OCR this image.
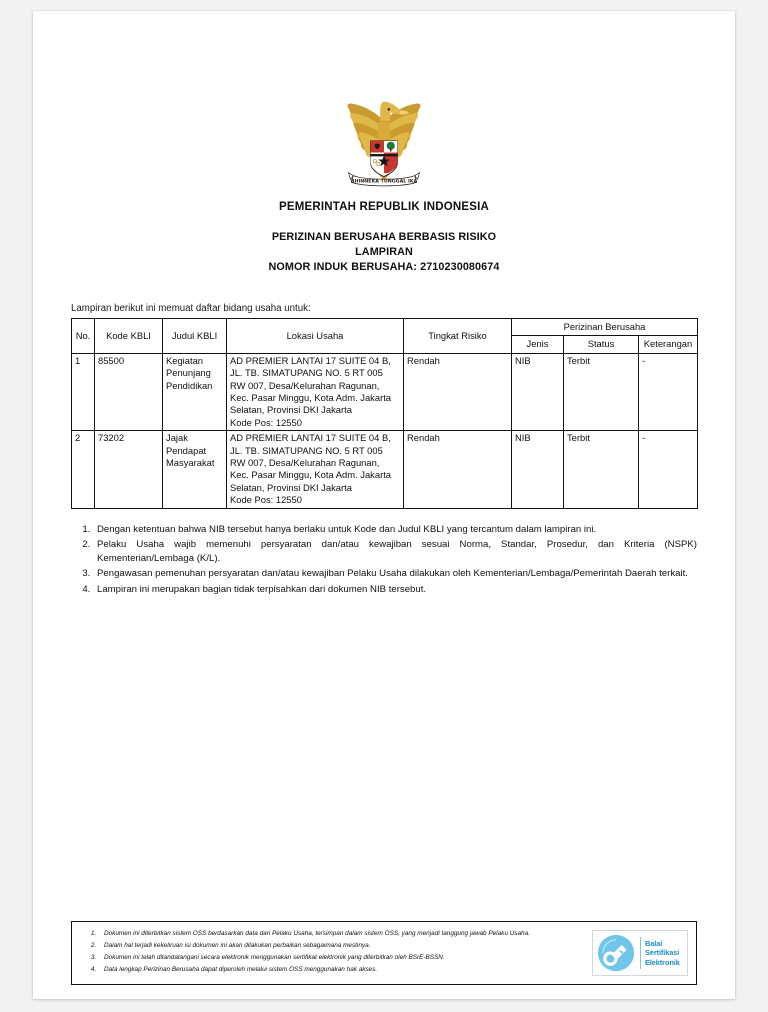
BHINNEKA TUNGGAL IKA
PEMERINTAH REPUBLIK INDONESIA
PERIZINAN BERUSAHA BERBASIS RISIKO
LAMPIRAN
NOMOR INDUK BERUSAHA: 2710230080674
Lampiran berikut ini memuat daftar bidang usaha untuk:
No.	Kode KBLI	Judul KBLI	Lokasi Usaha	Tingkat Risiko	Perizinan Berusaha		
					Jenis	Status	Keterangan
1	85500	Kegiatan Penunjang Pendidikan	AD PREMIER LANTAI 17 SUITE 04 B, JL. TB. SIMATUPANG NO. 5 RT 005 RW 007, Desa/Kelurahan Ragunan, Kec. Pasar Minggu, Kota Adm. Jakarta Selatan, Provinsi DKI Jakarta
Kode Pos: 12550	Rendah	NIB	Terbit	-
2	73202	Jajak Pendapat Masyarakat	AD PREMIER LANTAI 17 SUITE 04 B, JL. TB. SIMATUPANG NO. 5 RT 005 RW 007, Desa/Kelurahan Ragunan, Kec. Pasar Minggu, Kota Adm. Jakarta Selatan, Provinsi DKI Jakarta
Kode Pos: 12550	Rendah	NIB	Terbit	-
1. Dengan ketentuan bahwa NIB tersebut hanya berlaku untuk Kode dan Judul KBLI yang tercantum dalam lampiran ini.
2. Pelaku Usaha wajib memenuhi persyaratan dan/atau kewajiban sesuai Norma, Standar, Prosedur, dan Kriteria (NSPK) Kementerian/Lembaga (K/L).
3. Pengawasan pemenuhan persyaratan dan/atau kewajiban Pelaku Usaha dilakukan oleh Kementerian/Lembaga/Pemerintah Daerah terkait.
4. Lampiran ini merupakan bagian tidak terpisahkan dari dokumen NIB tersebut.
1. Dokumen ini diterbitkan sistem OSS berdasarkan data dari Pelaku Usaha, tersimpan dalam sistem OSS, yang menjadi tanggung jawab Pelaku Usaha.
2. Dalam hal terjadi kekeliruan isi dokumen ini akan dilakukan perbaikan sebagaimana mestinya.
3. Dokumen ini telah ditandatangani secara elektronik menggunakan sertifikat elektronik yang diterbitkan oleh BSrE-BSSN.
4. Data lengkap Perizinan Berusaha dapat diperoleh melalui sistem OSS menggunakan hak akses.
Balai
Sertifikasi
Elektronik
